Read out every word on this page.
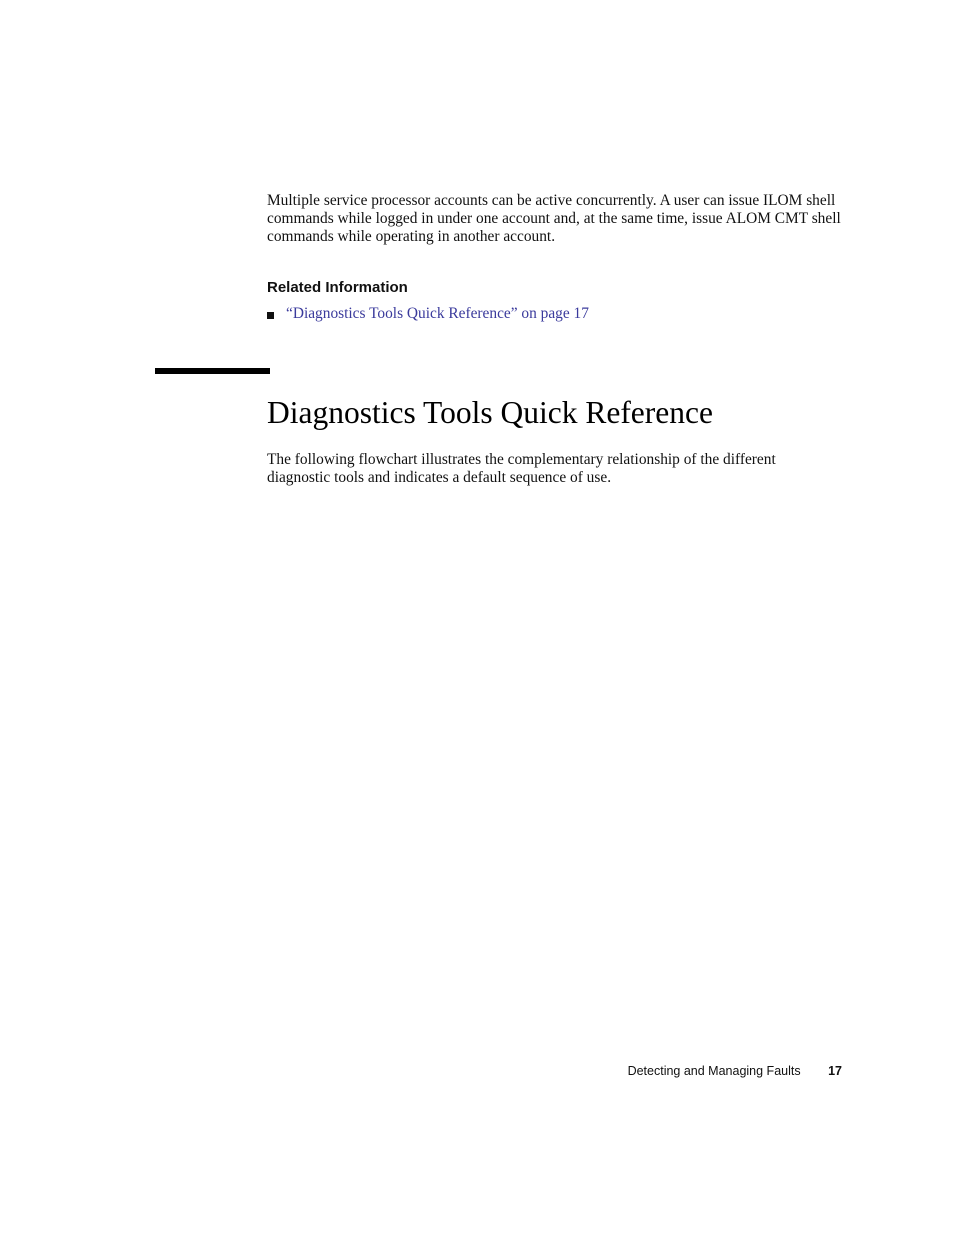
Multiple service processor accounts can be active concurrently. A user can issue ILOM shell commands while logged in under one account and, at the same time, issue ALOM CMT shell commands while operating in another account.

Related Information
“Diagnostics Tools Quick Reference” on page 17
Diagnostics Tools Quick Reference

The following flowchart illustrates the complementary relationship of the different diagnostic tools and indicates a default sequence of use.

Detecting and Managing Faults 17
